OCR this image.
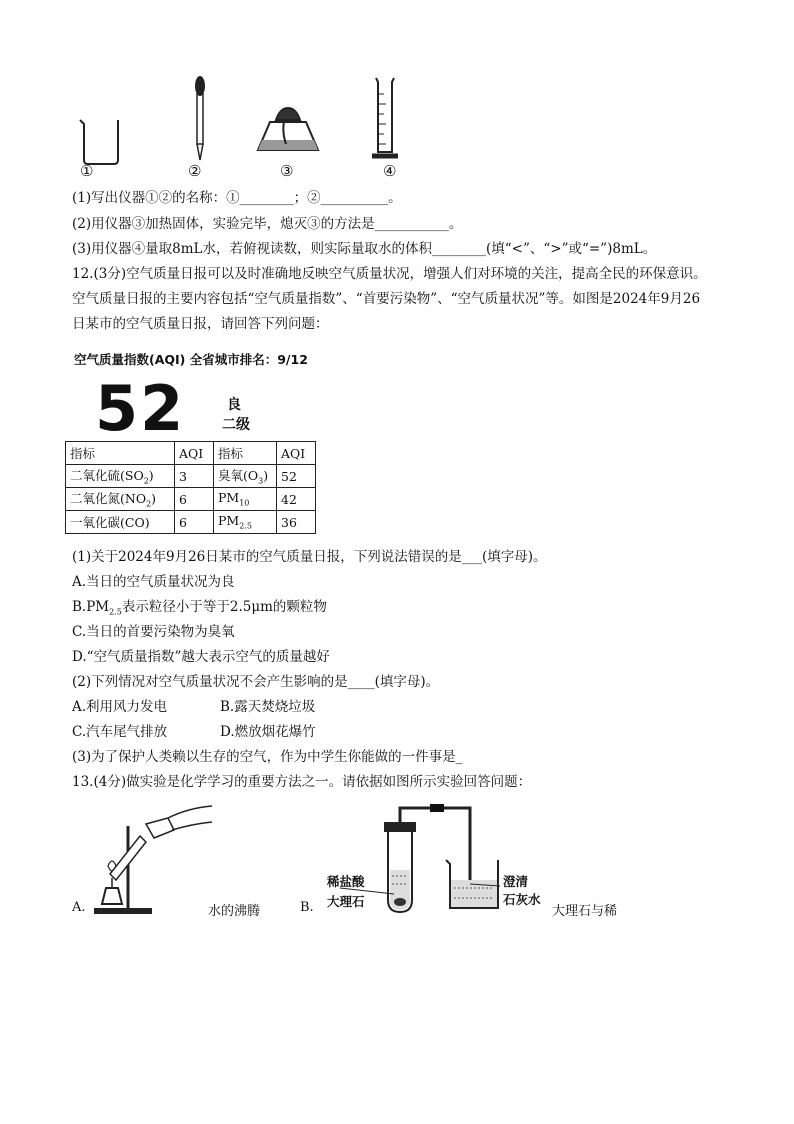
①	②	③	④
(1)写出仪器①②的名称：①________；②__________。
(2)用仪器③加热固体，实验完毕，熄灭③的方法是___________。
(3)用仪器④量取8mL水，若俯视读数，则实际量取水的体积________(填“<”、“>”或“=”)8mL。
12.(3分)空气质量日报可以及时准确地反映空气质量状况，增强人们对环境的关注，提高全民的环保意识。
空气质量日报的主要内容包括“空气质量指数”、“首要污染物”、“空气质量状况”等。如图是2024年9月26
日某市的空气质量日报，请回答下列问题：
空气质量指数(AQI) 全省城市排名：9/12
52	良
二级
指标	AQI	指标	AQI
二氧化硫$(SO_2)$	3	臭氧$(O_3)$	52
二氧化氮$(NO_2)$	6	$PM_{10}$	42
一氧化碳(CO)	6	$PM_{2.5}$	36
(1)关于2024年9月26日某市的空气质量日报，下列说法错误的是___(填字母)。
A.当日的空气质量状况为良
$B.PM_{2.5}$表示粒径小于等于2.5μm的颗粒物
C.当日的首要污染物为臭氧
D.“空气质量指数”越大表示空气的质量越好
(2)下列情况对空气质量状况不会产生影响的是____(填字母)。
A.利用风力发电	B.露天焚烧垃圾
C.汽车尾气排放	D.燃放烟花爆竹
(3)为了保护人类赖以生存的空气，作为中学生你能做的一件事是_
13.(4分)做实验是化学学习的重要方法之一。请依据如图所示实验回答问题：
A.	水的沸腾
稀盐酸
大理石
澄清
石灰水
B.	大理石与稀
